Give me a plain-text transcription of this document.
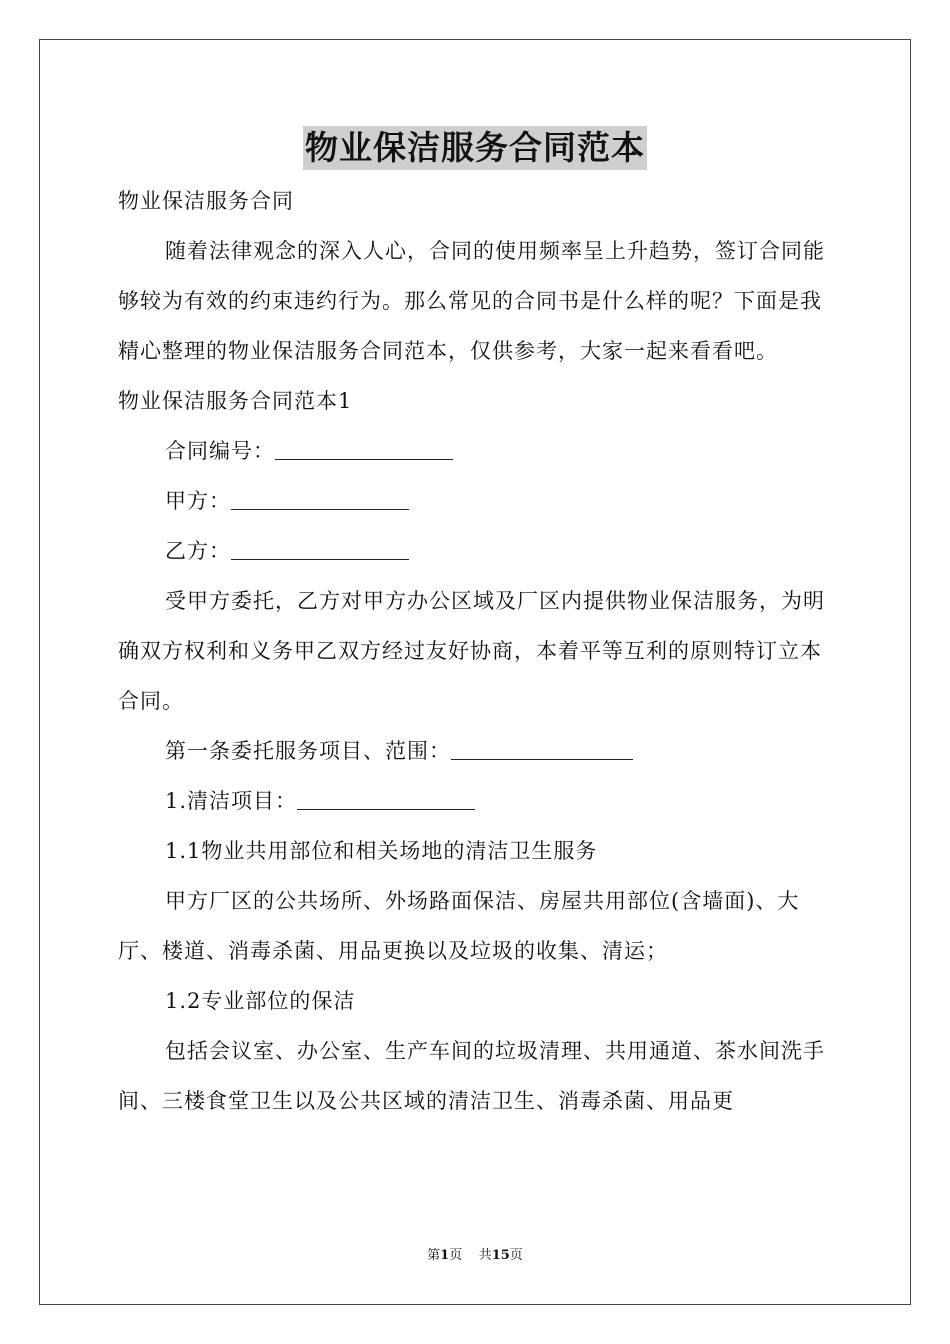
物业保洁服务合同范本

物业保洁服务合同

随着法律观念的深入人心，合同的使用频率呈上升趋势，签订合同能够较为有效的约束违约行为。那么常见的合同书是什么样的呢？下面是我精心整理的物业保洁服务合同范本，仅供参考，大家一起来看看吧。

物业保洁服务合同范本1

合同编号：

甲方：

乙方：

受甲方委托，乙方对甲方办公区域及厂区内提供物业保洁服务，为明确双方权利和义务甲乙双方经过友好协商，本着平等互利的原则特订立本合同。

第一条委托服务项目、范围：

1.清洁项目：

1.1物业共用部位和相关场地的清洁卫生服务

甲方厂区的公共场所、外场路面保洁、房屋共用部位(含墙面)、大厅、楼道、消毒杀菌、用品更换以及垃圾的收集、清运；

1.2专业部位的保洁

包括会议室、办公室、生产车间的垃圾清理、共用通道、茶水间洗手间、三楼食堂卫生以及公共区域的清洁卫生、消毒杀菌、用品更

第1页 共15页
